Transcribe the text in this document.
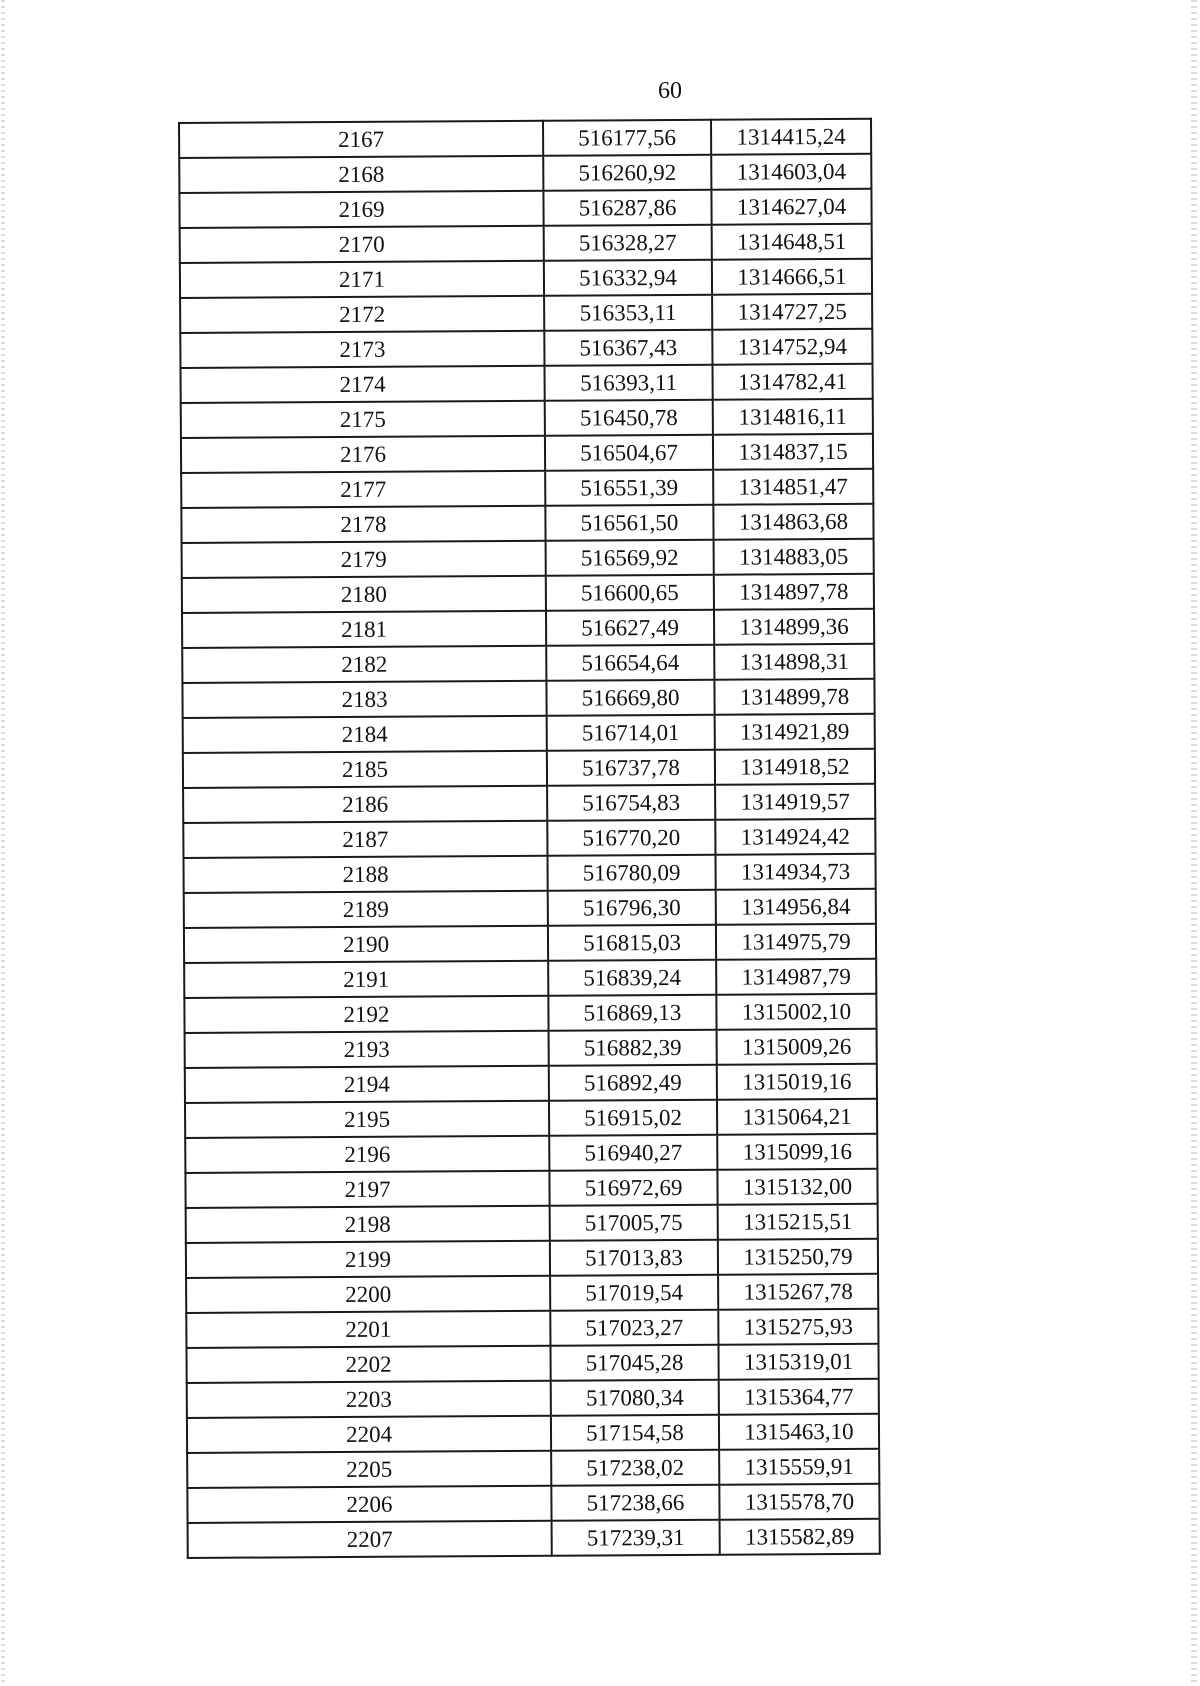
60
2167	516177,56	1314415,24
2168	516260,92	1314603,04
2169	516287,86	1314627,04
2170	516328,27	1314648,51
2171	516332,94	1314666,51
2172	516353,11	1314727,25
2173	516367,43	1314752,94
2174	516393,11	1314782,41
2175	516450,78	1314816,11
2176	516504,67	1314837,15
2177	516551,39	1314851,47
2178	516561,50	1314863,68
2179	516569,92	1314883,05
2180	516600,65	1314897,78
2181	516627,49	1314899,36
2182	516654,64	1314898,31
2183	516669,80	1314899,78
2184	516714,01	1314921,89
2185	516737,78	1314918,52
2186	516754,83	1314919,57
2187	516770,20	1314924,42
2188	516780,09	1314934,73
2189	516796,30	1314956,84
2190	516815,03	1314975,79
2191	516839,24	1314987,79
2192	516869,13	1315002,10
2193	516882,39	1315009,26
2194	516892,49	1315019,16
2195	516915,02	1315064,21
2196	516940,27	1315099,16
2197	516972,69	1315132,00
2198	517005,75	1315215,51
2199	517013,83	1315250,79
2200	517019,54	1315267,78
2201	517023,27	1315275,93
2202	517045,28	1315319,01
2203	517080,34	1315364,77
2204	517154,58	1315463,10
2205	517238,02	1315559,91
2206	517238,66	1315578,70
2207	517239,31	1315582,89
